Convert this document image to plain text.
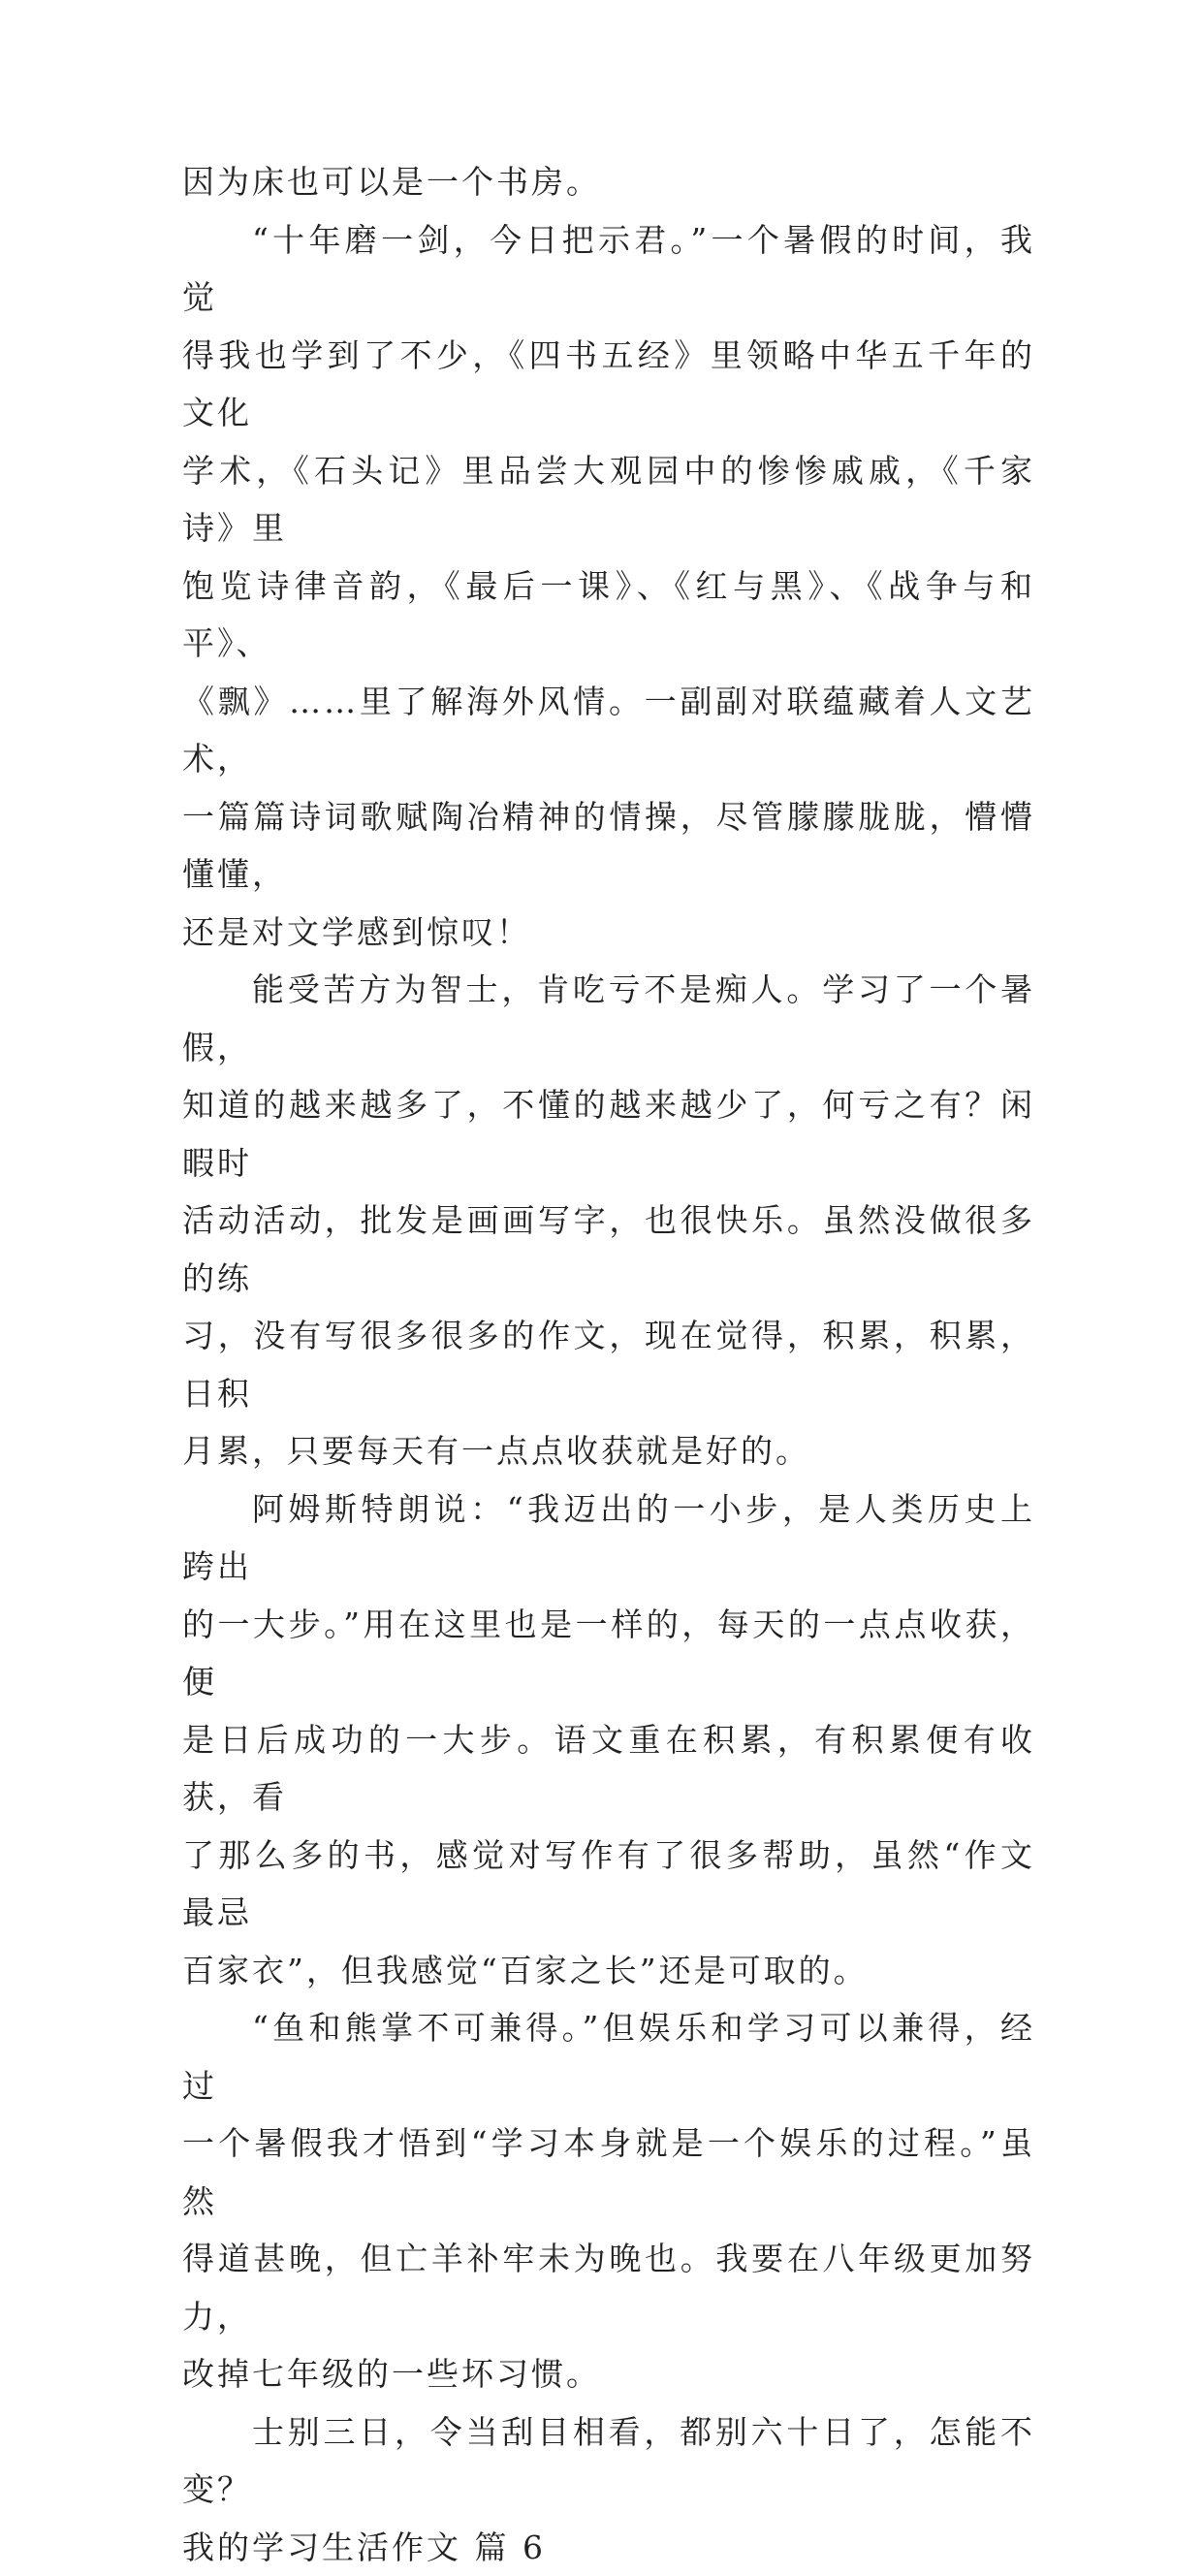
因为床也可以是一个书房。

“十年磨一剑，今日把示君。”一个暑假的时间，我觉
得我也学到了不少，《四书五经》里领略中华五千年的文化
学术，《石头记》里品尝大观园中的惨惨戚戚，《千家诗》里
饱览诗律音韵，《最后一课》、《红与黑》、《战争与和平》、
《飘》……里了解海外风情。一副副对联蕴藏着人文艺术，
一篇篇诗词歌赋陶冶精神的情操，尽管朦朦胧胧，懵懵懂懂，
还是对文学感到惊叹！

能受苦方为智士，肯吃亏不是痴人。学习了一个暑假，
知道的越来越多了，不懂的越来越少了，何亏之有？闲暇时
活动活动，批发是画画写字，也很快乐。虽然没做很多的练
习，没有写很多很多的作文，现在觉得，积累，积累，日积
月累，只要每天有一点点收获就是好的。

阿姆斯特朗说：“我迈出的一小步，是人类历史上跨出
的一大步。”用在这里也是一样的，每天的一点点收获，便
是日后成功的一大步。语文重在积累，有积累便有收获，看
了那么多的书，感觉对写作有了很多帮助，虽然“作文最忌
百家衣”，但我感觉“百家之长”还是可取的。

“鱼和熊掌不可兼得。”但娱乐和学习可以兼得，经过
一个暑假我才悟到“学习本身就是一个娱乐的过程。”虽然
得道甚晚，但亡羊补牢未为晚也。我要在八年级更加努力，
改掉七年级的一些坏习惯。

士别三日，令当刮目相看，都别六十日了，怎能不变？

我的学习生活作文 篇 6
